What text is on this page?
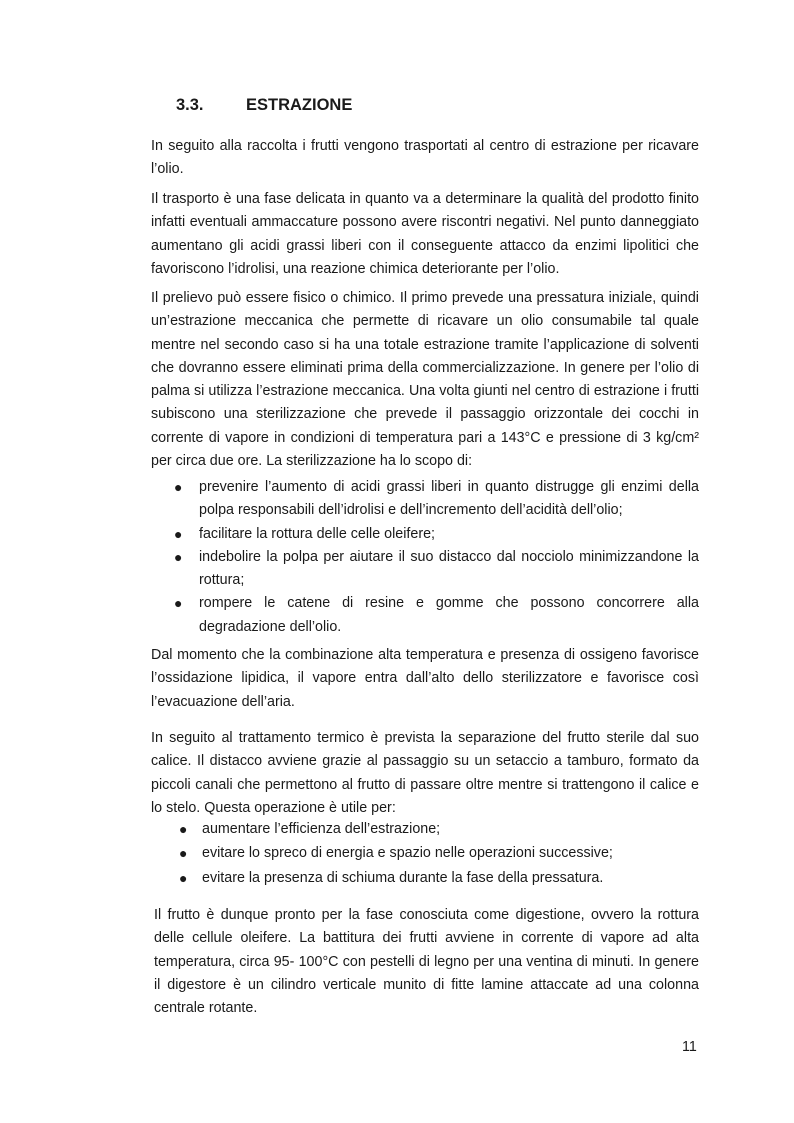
3.3.	ESTRAZIONE

In seguito alla raccolta i frutti vengono trasportati al centro di estrazione per ricavare l’olio.

Il trasporto è una fase delicata in quanto va a determinare la qualità del prodotto finito infatti eventuali ammaccature possono avere riscontri negativi. Nel punto danneggiato aumentano gli acidi grassi liberi con il conseguente attacco da enzimi lipolitici che favoriscono l’idrolisi, una reazione chimica deteriorante per l’olio.

Il prelievo può essere fisico o chimico. Il primo prevede una pressatura iniziale, quindi un’estrazione meccanica che permette di ricavare un olio consumabile tal quale mentre nel secondo caso si ha una totale estrazione tramite l’applicazione di solventi che dovranno essere eliminati prima della commercializzazione. In genere per l’olio di palma si utilizza l’estrazione meccanica. Una volta giunti nel centro di estrazione i frutti subiscono una sterilizzazione che prevede il passaggio orizzontale dei cocchi in corrente di vapore in condizioni di temperatura pari a 143°C e pressione di 3 kg/cm² per circa due ore. La sterilizzazione ha lo scopo di:

● prevenire l’aumento di acidi grassi liberi in quanto distrugge gli enzimi della polpa responsabili dell’idrolisi e dell’incremento dell’acidità dell’olio;
● facilitare la rottura delle celle oleifere;
● indebolire la polpa per aiutare il suo distacco dal nocciolo minimizzandone la rottura;
● rompere le catene di resine e gomme che possono concorrere alla degradazione dell’olio.

Dal momento che la combinazione alta temperatura e presenza di ossigeno favorisce l’ossidazione lipidica, il vapore entra dall’alto dello sterilizzatore e favorisce così l’evacuazione dell’aria.

In seguito al trattamento termico è prevista la separazione del frutto sterile dal suo calice. Il distacco avviene grazie al passaggio su un setaccio a tamburo, formato da piccoli canali che permettono al frutto di passare oltre mentre si trattengono il calice e lo stelo. Questa operazione è utile per:

● aumentare l’efficienza dell’estrazione;
● evitare lo spreco di energia e spazio nelle operazioni successive;
● evitare la presenza di schiuma durante la fase della pressatura.

Il frutto è dunque pronto per la fase conosciuta come digestione, ovvero la rottura delle cellule oleifere. La battitura dei frutti avviene in corrente di vapore ad alta temperatura, circa 95- 100°C con pestelli di legno per una ventina di minuti. In genere il digestore è un cilindro verticale munito di fitte lamine attaccate ad una colonna centrale rotante.

11
